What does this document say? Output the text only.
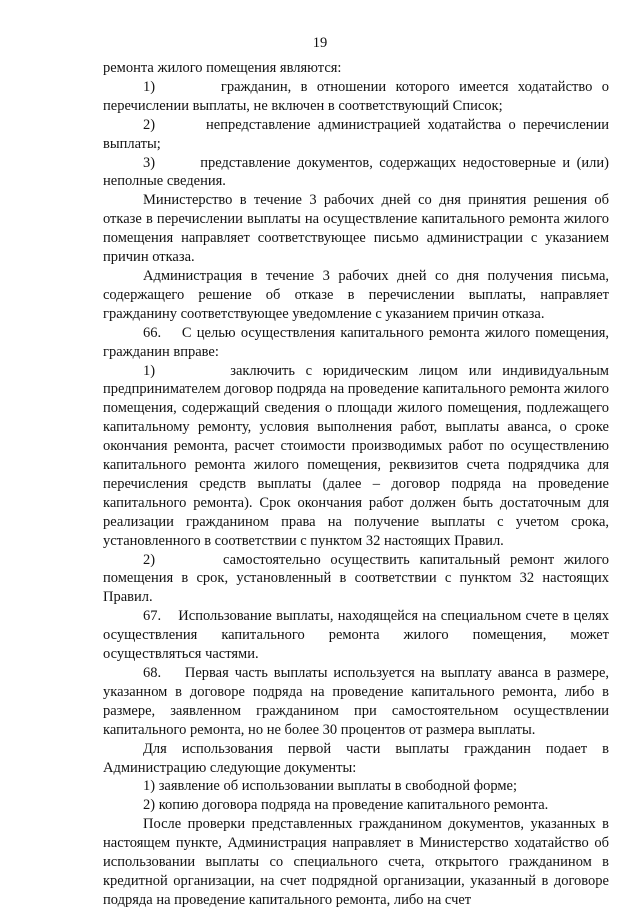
19

ремонта жилого помещения являются:

1)       гражданин, в отношении которого имеется ходатайство о перечислении выплаты, не включен в соответствующий Список;

2)       непредставление администрацией ходатайства о перечислении выплаты;

3)       представление документов, содержащих недостоверные и (или) неполные сведения.

Министерство в течение 3 рабочих дней со дня принятия решения об отказе в перечислении выплаты на осуществление капитального ремонта жилого помещения направляет соответствующее письмо администрации с указанием причин отказа.

Администрация в течение 3 рабочих дней со дня получения письма, содержащего решение об отказе в перечислении выплаты, направляет гражданину соответствующее уведомление с указанием причин отказа.

66.    С целью осуществления капитального ремонта жилого помещения, гражданин вправе:

1)       заключить с юридическим лицом или индивидуальным предпринимателем договор подряда на проведение капитального ремонта жилого помещения, содержащий сведения о площади жилого помещения, подлежащего капитальному ремонту, условия выполнения работ, выплаты аванса, о сроке окончания ремонта, расчет стоимости производимых работ по осуществлению капитального ремонта жилого помещения, реквизитов счета подрядчика для перечисления средств выплаты (далее – договор подряда на проведение капитального ремонта). Срок окончания работ должен быть достаточным для реализации гражданином права на получение выплаты с учетом срока, установленного в соответствии с пунктом 32 настоящих Правил.

2)       самостоятельно осуществить капитальный ремонт жилого помещения в срок, установленный в соответствии с пунктом 32 настоящих Правил.

67.    Использование выплаты, находящейся на специальном счете в целях осуществления капитального ремонта жилого помещения, может осуществляться частями.

68.    Первая часть выплаты используется на выплату аванса в размере, указанном в договоре подряда на проведение капитального ремонта, либо в размере, заявленном гражданином при самостоятельном осуществлении капитального ремонта, но не более 30 процентов от размера выплаты.

Для использования первой части выплаты гражданин подает в Администрацию следующие документы:

1) заявление об использовании выплаты в свободной форме;

2) копию договора подряда на проведение капитального ремонта.

После проверки представленных гражданином документов, указанных в настоящем пункте, Администрация направляет в Министерство ходатайство об использовании выплаты со специального счета, открытого гражданином в кредитной организации, на счет подрядной организации, указанный в договоре подряда на проведение капитального ремонта, либо на счет
